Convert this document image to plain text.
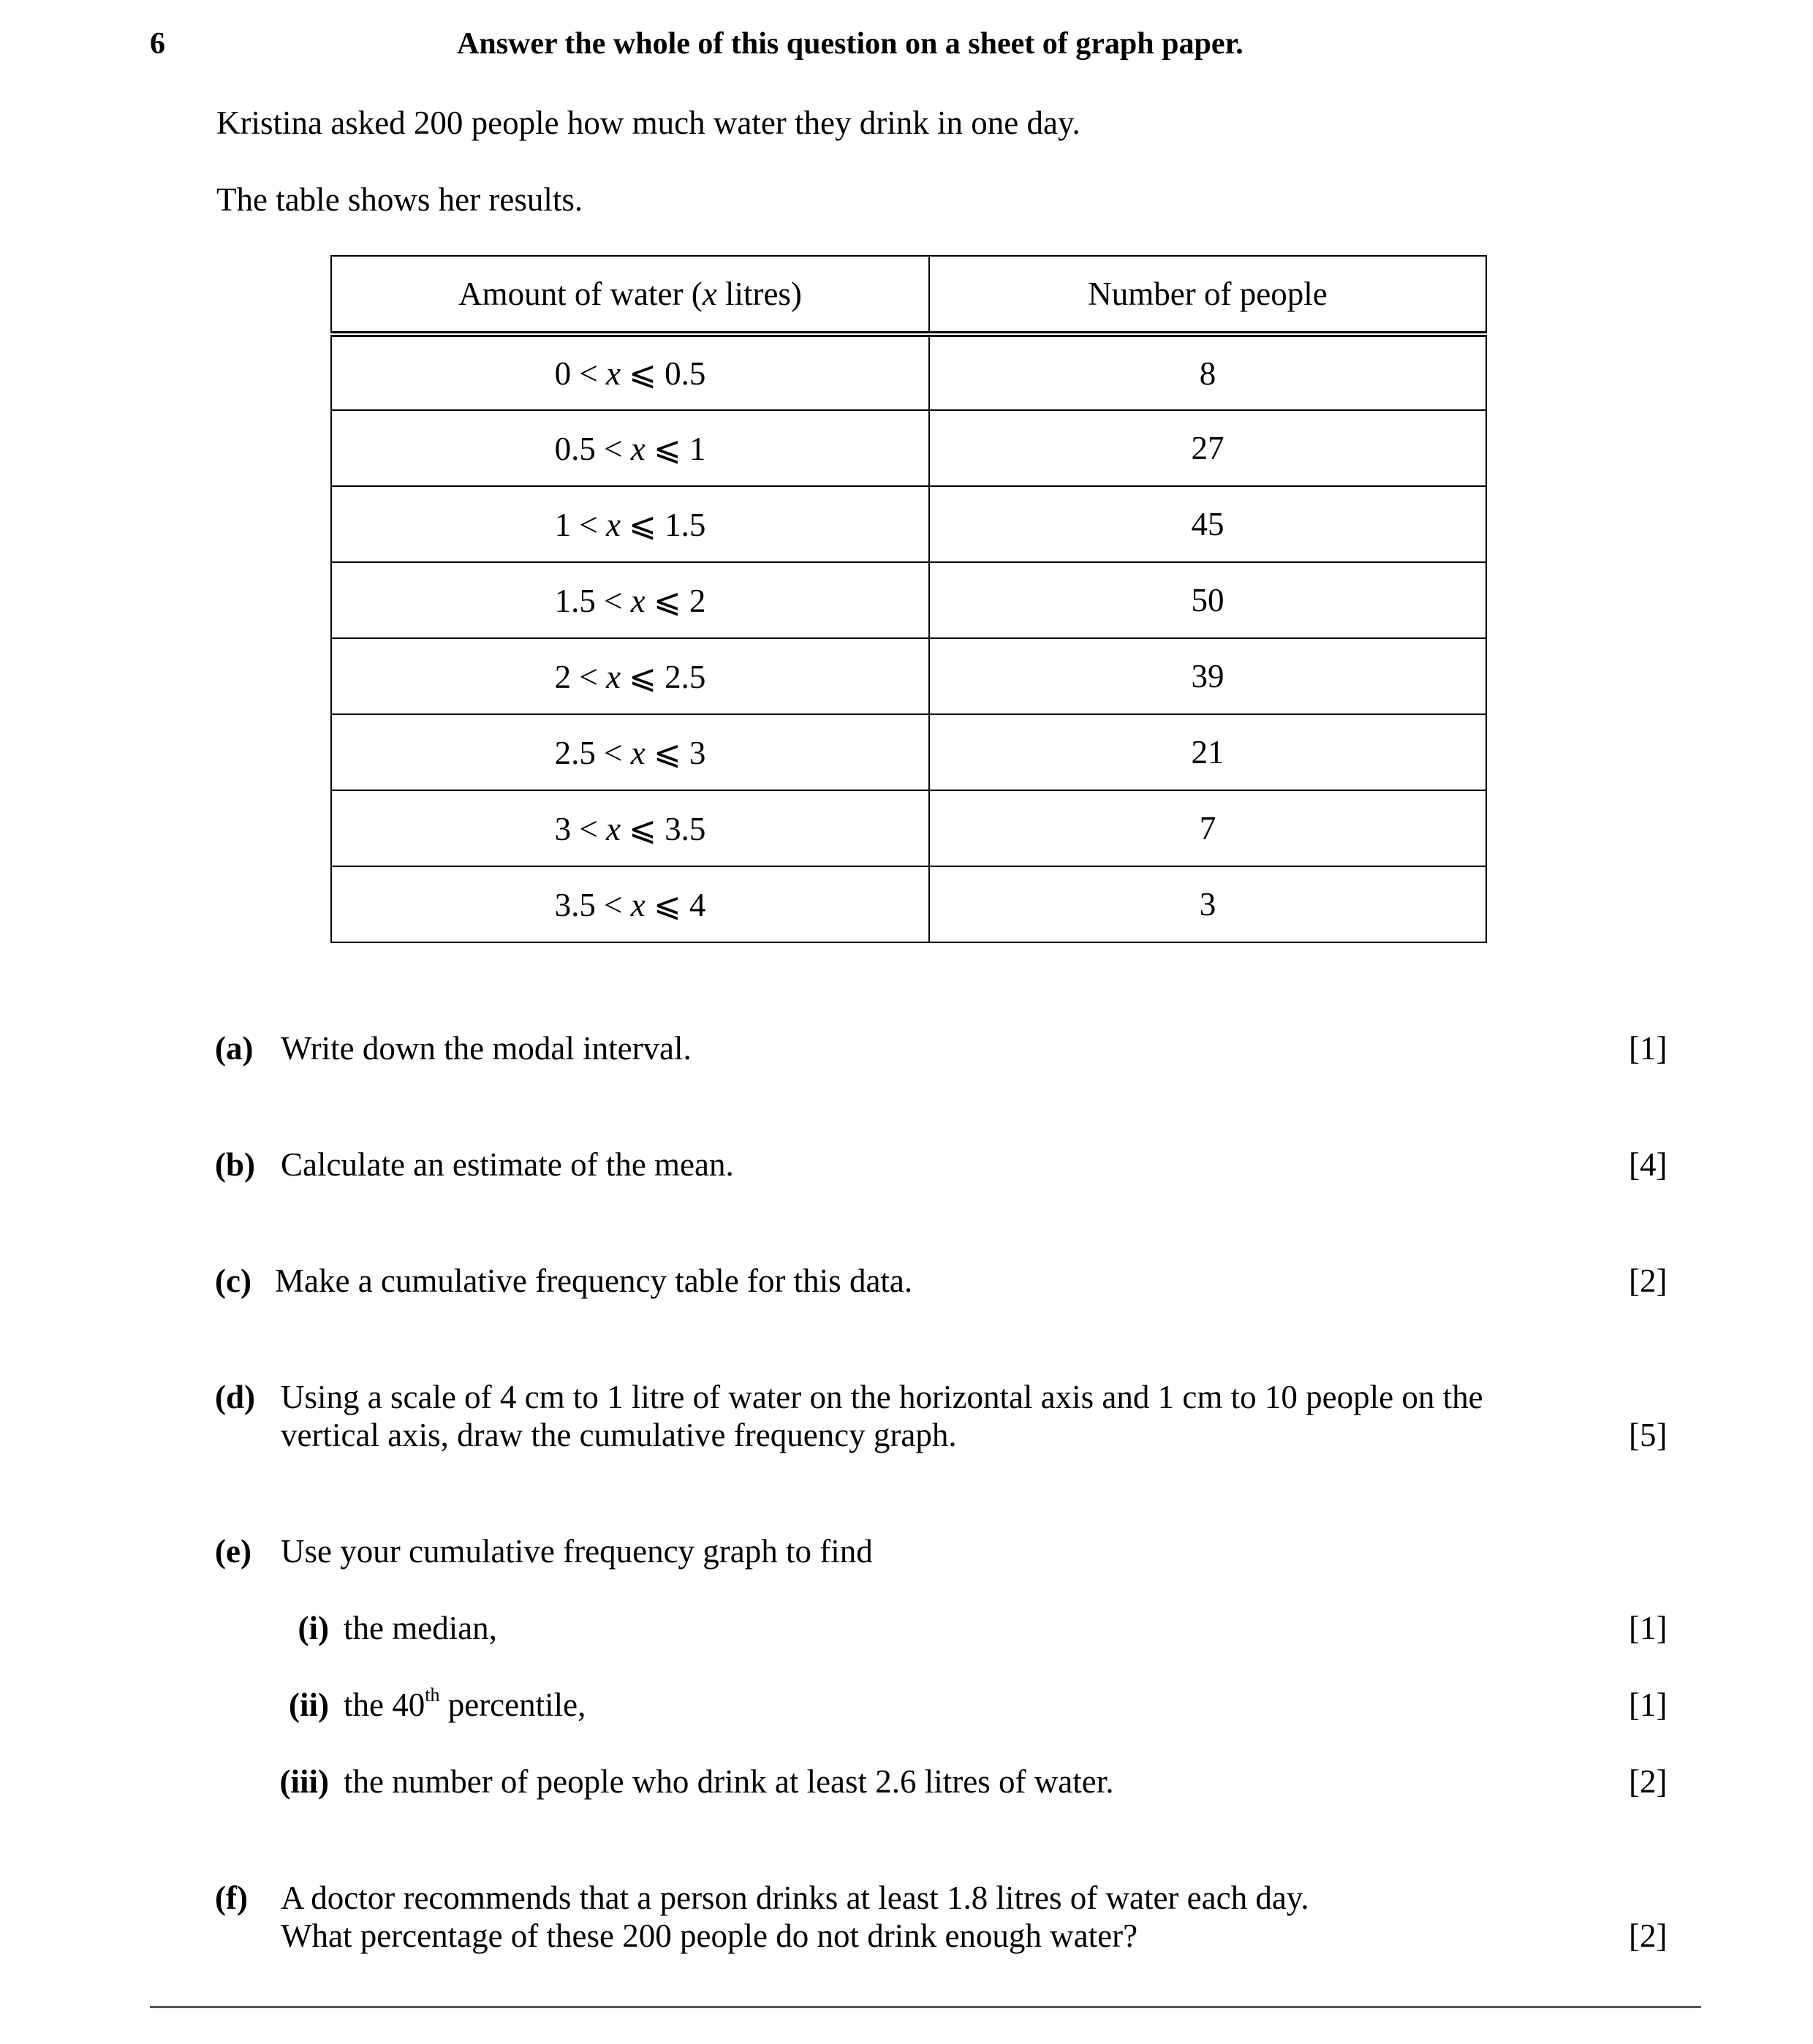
6	Answer the whole of this question on a sheet of graph paper.
Kristina asked 200 people how much water they drink in one day.
The table shows her results.
Amount of water (x litres)	Number of people
0 < x ⩽ 0.5	8
0.5 < x ⩽ 1	27
1 < x ⩽ 1.5	45
1.5 < x ⩽ 2	50
2 < x ⩽ 2.5	39
2.5 < x ⩽ 3	21
3 < x ⩽ 3.5	7
3.5 < x ⩽ 4	3
(a) Write down the modal interval.	[1]
(b) Calculate an estimate of the mean.	[4]
(c) Make a cumulative frequency table for this data.	[2]
(d) Using a scale of 4 cm to 1 litre of water on the horizontal axis and 1 cm to 10 people on the
vertical axis, draw the cumulative frequency graph.	[5]
(e) Use your cumulative frequency graph to find
(i) the median,	[1]
(ii) the 40th percentile,	[1]
(iii) the number of people who drink at least 2.6 litres of water.	[2]
(f) A doctor recommends that a person drinks at least 1.8 litres of water each day.
What percentage of these 200 people do not drink enough water?	[2]
